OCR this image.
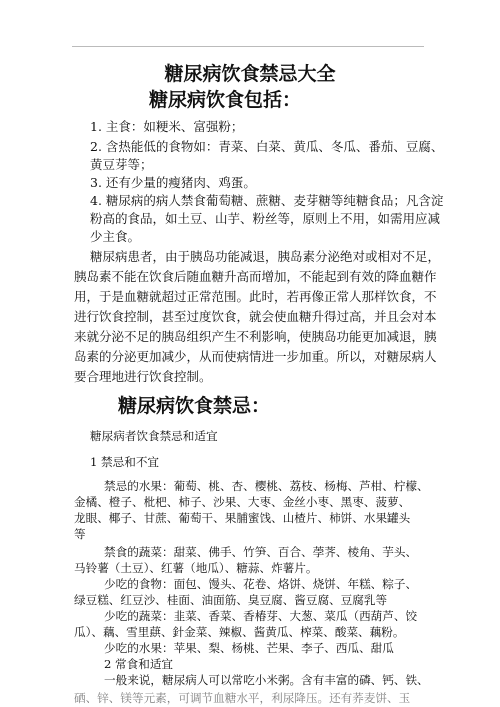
糖尿病饮食禁忌大全
糖尿病饮食包括：
1. 主食：如粳米、富强粉；
2. 含热能低的食物如：青菜、白菜、黄瓜、冬瓜、番茄、豆腐、
黄豆芽等；
3. 还有少量的瘦猪肉、鸡蛋。
4. 糖尿病的病人禁食葡萄糖、蔗糖、麦芽糖等纯糖食品；凡含淀
粉高的食品，如土豆、山芋、粉丝等，原则上不用，如需用应减
少主食。
糖尿病患者，由于胰岛功能减退，胰岛素分泌绝对或相对不足，
胰岛素不能在饮食后随血糖升高而增加，不能起到有效的降血糖作
用，于是血糖就超过正常范围。此时，若再像正常人那样饮食，不
进行饮食控制，甚至过度饮食，就会使血糖升得过高，并且会对本
来就分泌不足的胰岛组织产生不利影响，使胰岛功能更加减退，胰
岛素的分泌更加减少，从而使病情进一步加重。所以，对糖尿病人
要合理地进行饮食控制。
糖尿病饮食禁忌：
糖尿病者饮食禁忌和适宜
1 禁忌和不宜
禁忌的水果：葡萄、桃、杏、樱桃、荔枝、杨梅、芦柑、柠檬、
金橘、橙子、枇杷、柿子、沙果、大枣、金丝小枣、黑枣、菠萝、
龙眼、椰子、甘蔗、葡萄干、果脯蜜饯、山楂片、柿饼、水果罐头
等
禁食的蔬菜：甜菜、佛手、竹笋、百合、荸荠、棱角、芋头、
马铃薯（土豆）、红薯（地瓜）、糖蒜、炸薯片。
少吃的食物：面包、馒头、花卷、烙饼、烧饼、年糕、粽子、
绿豆糕、红豆沙、桂面、油面筋、臭豆腐、酱豆腐、豆腐乳等
少吃的蔬菜：韭菜、香菜、香椿芽、大葱、菜瓜（西葫芦、饺
瓜）、藕、雪里蕻、針金菜、辣椒、酱黄瓜、榨菜、酸菜、藕粉。
少吃的水果：苹果、梨、杨桃、芒果、李子、西瓜、甜瓜
2 常食和适宜
一般来说，糖尿病人可以常吃小米粥。含有丰富的磷、钙、铁、
硒、锌、镁等元素，可调节血糖水平，利尿降压。还有荞麦饼、玉
